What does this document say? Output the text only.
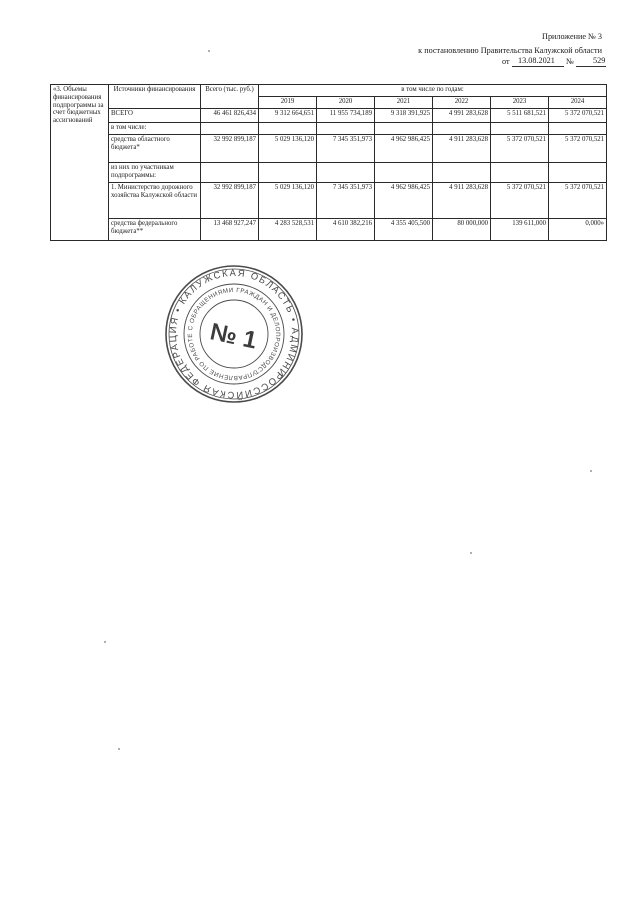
Приложение № 3
к постановлению Правительства Калужской области
от 13.08.2021 № 529
«3. Объемы финансирования подпрограммы за счет бюджетных ассигнований	Источники финансирования	Всего (тыс. руб.)	в том числе по годам:					
			2019	2020	2021	2022	2023	2024
	ВСЕГО	46 461 826,434	9 312 664,651	11 955 734,189	9 318 391,925	4 991 283,628	5 511 681,521	5 372 070,521
	в том числе:							
	средства областного бюджета*	32 992 899,187	5 029 136,120	7 345 351,973	4 962 986,425	4 911 283,628	5 372 070,521	5 372 070,521
	из них по участникам подпрограммы:							
	1. Министерство дорожного хозяйства Калужской области	32 992 899,187	5 029 136,120	7 345 351,973	4 962 986,425	4 911 283,628	5 372 070,521	5 372 070,521
	средства федерального бюджета**	13 468 927,247	4 283 528,531	4 610 382,216	4 355 405,500	80 000,000	139 611,000	0,000»
РОССИЙСКАЯ ФЕДЕРАЦИЯ • КАЛУЖСКАЯ ОБЛАСТЬ • АДМИНИСТРАЦИЯ
УПРАВЛЕНИЕ ПО РАБОТЕ С ОБРАЩЕНИЯМИ ГРАЖДАН И ДЕЛОПРОИЗВОДСТВУ
№ 1
